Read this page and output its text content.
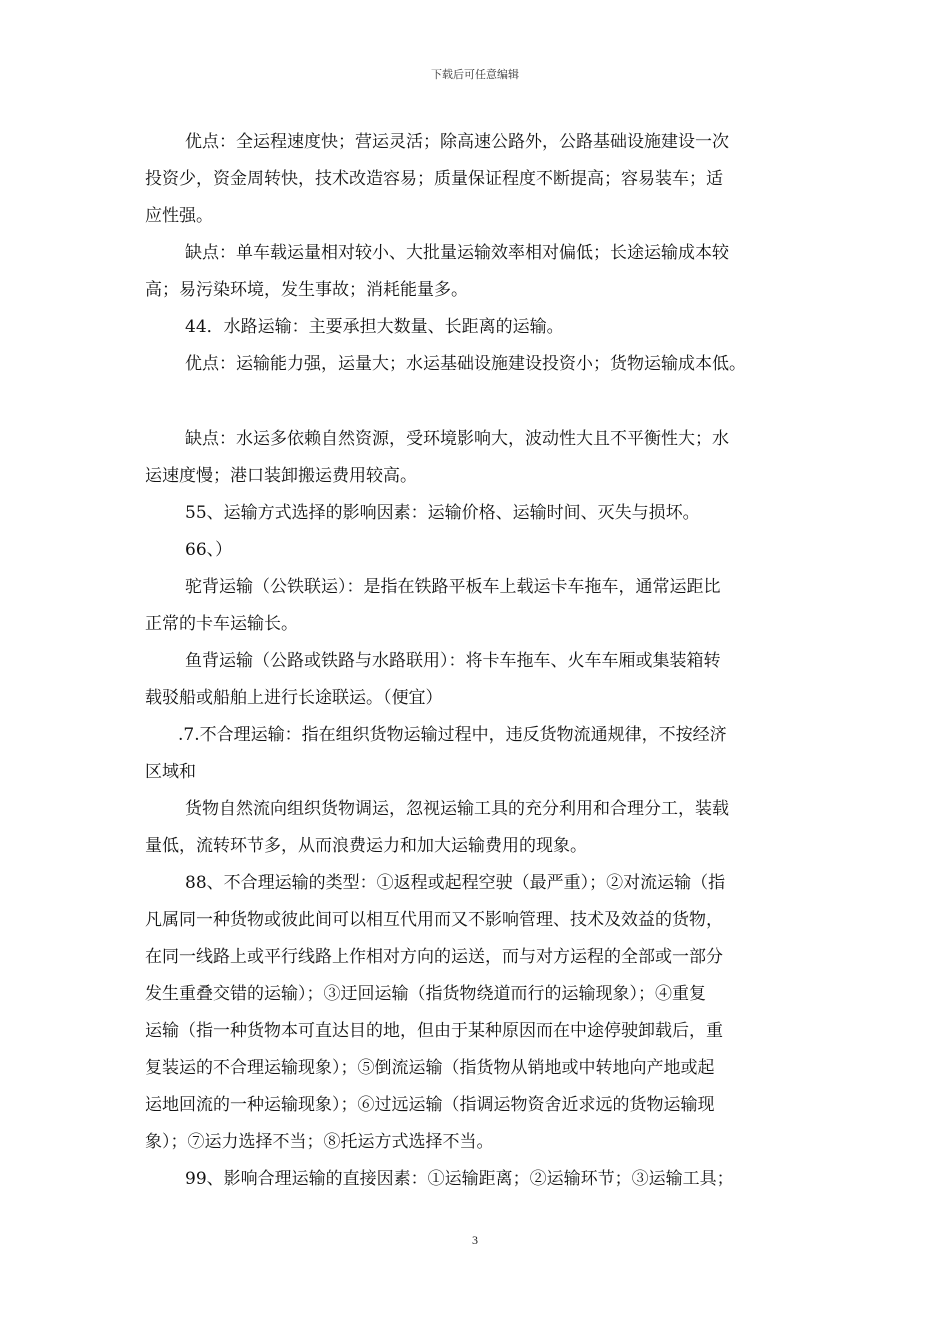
下载后可任意编辑
优点：全运程速度快；营运灵活；除高速公路外，公路基础设施建设一次
投资少，资金周转快，技术改造容易；质量保证程度不断提高；容易装车；适
应性强。
缺点：单车载运量相对较小、大批量运输效率相对偏低；长途运输成本较
高；易污染环境，发生事故；消耗能量多。
44．水路运输：主要承担大数量、长距离的运输。
优点：运输能力强，运量大；水运基础设施建设投资小；货物运输成本低。
缺点：水运多依赖自然资源，受环境影响大，波动性大且不平衡性大；水
运速度慢；港口装卸搬运费用较高。
55、运输方式选择的影响因素：运输价格、运输时间、灭失与损坏。
66、）
驼背运输（公铁联运）：是指在铁路平板车上载运卡车拖车，通常运距比
正常的卡车运输长。
鱼背运输（公路或铁路与水路联用）：将卡车拖车、火车车厢或集装箱转
载驳船或船舶上进行长途联运。（便宜）
.7.不合理运输：指在组织货物运输过程中，违反货物流通规律，不按经济
区域和
货物自然流向组织货物调运，忽视运输工具的充分利用和合理分工，装载
量低，流转环节多，从而浪费运力和加大运输费用的现象。
88、不合理运输的类型：①返程或起程空驶（最严重）；②对流运输（指
凡属同一种货物或彼此间可以相互代用而又不影响管理、技术及效益的货物，
在同一线路上或平行线路上作相对方向的运送，而与对方运程的全部或一部分
发生重叠交错的运输）；③迂回运输（指货物绕道而行的运输现象）；④重复
运输（指一种货物本可直达目的地，但由于某种原因而在中途停驶卸载后，重
复装运的不合理运输现象）；⑤倒流运输（指货物从销地或中转地向产地或起
运地回流的一种运输现象）；⑥过远运输（指调运物资舍近求远的货物运输现
象）；⑦运力选择不当；⑧托运方式选择不当。
99、影响合理运输的直接因素：①运输距离；②运输环节；③运输工具；
3
